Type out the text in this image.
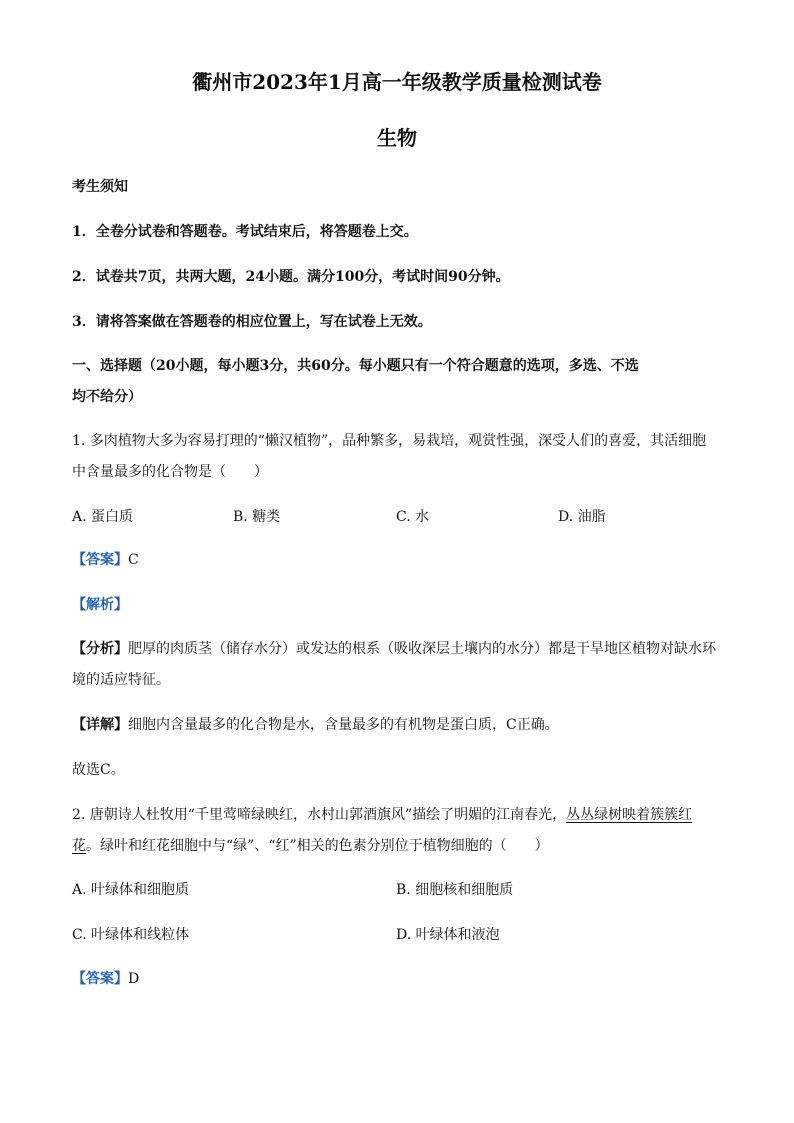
衢州市2023年1月高一年级教学质量检测试卷
生物
考生须知
1．全卷分试卷和答题卷。考试结束后，将答题卷上交。
2．试卷共7页，共两大题，24小题。满分100分，考试时间90分钟。
3．请将答案做在答题卷的相应位置上，写在试卷上无效。
一、选择题（20小题，每小题3分，共60分。每小题只有一个符合题意的选项，多选、不选
均不给分）
1. 多肉植物大多为容易打理的“懒汉植物”，品种繁多，易栽培，观赏性强，深受人们的喜爱，其活细胞
中含量最多的化合物是（　　）
A. 蛋白质	B. 糖类	C. 水	D. 油脂
【答案】C
【解析】
【分析】肥厚的肉质茎（储存水分）或发达的根系（吸收深层土壤内的水分）都是干旱地区植物对缺水环
境的适应特征。
【详解】细胞内含量最多的化合物是水，含量最多的有机物是蛋白质，C正确。
故选C。
2. 唐朝诗人杜牧用“千里莺啼绿映红，水村山郭酒旗风”描绘了明媚的江南春光，丛丛绿树映着簇簇红
花。绿叶和红花细胞中与“绿”、“红”相关的色素分别位于植物细胞的（　　）
A. 叶绿体和细胞质	B. 细胞核和细胞质
C. 叶绿体和线粒体	D. 叶绿体和液泡
【答案】D
